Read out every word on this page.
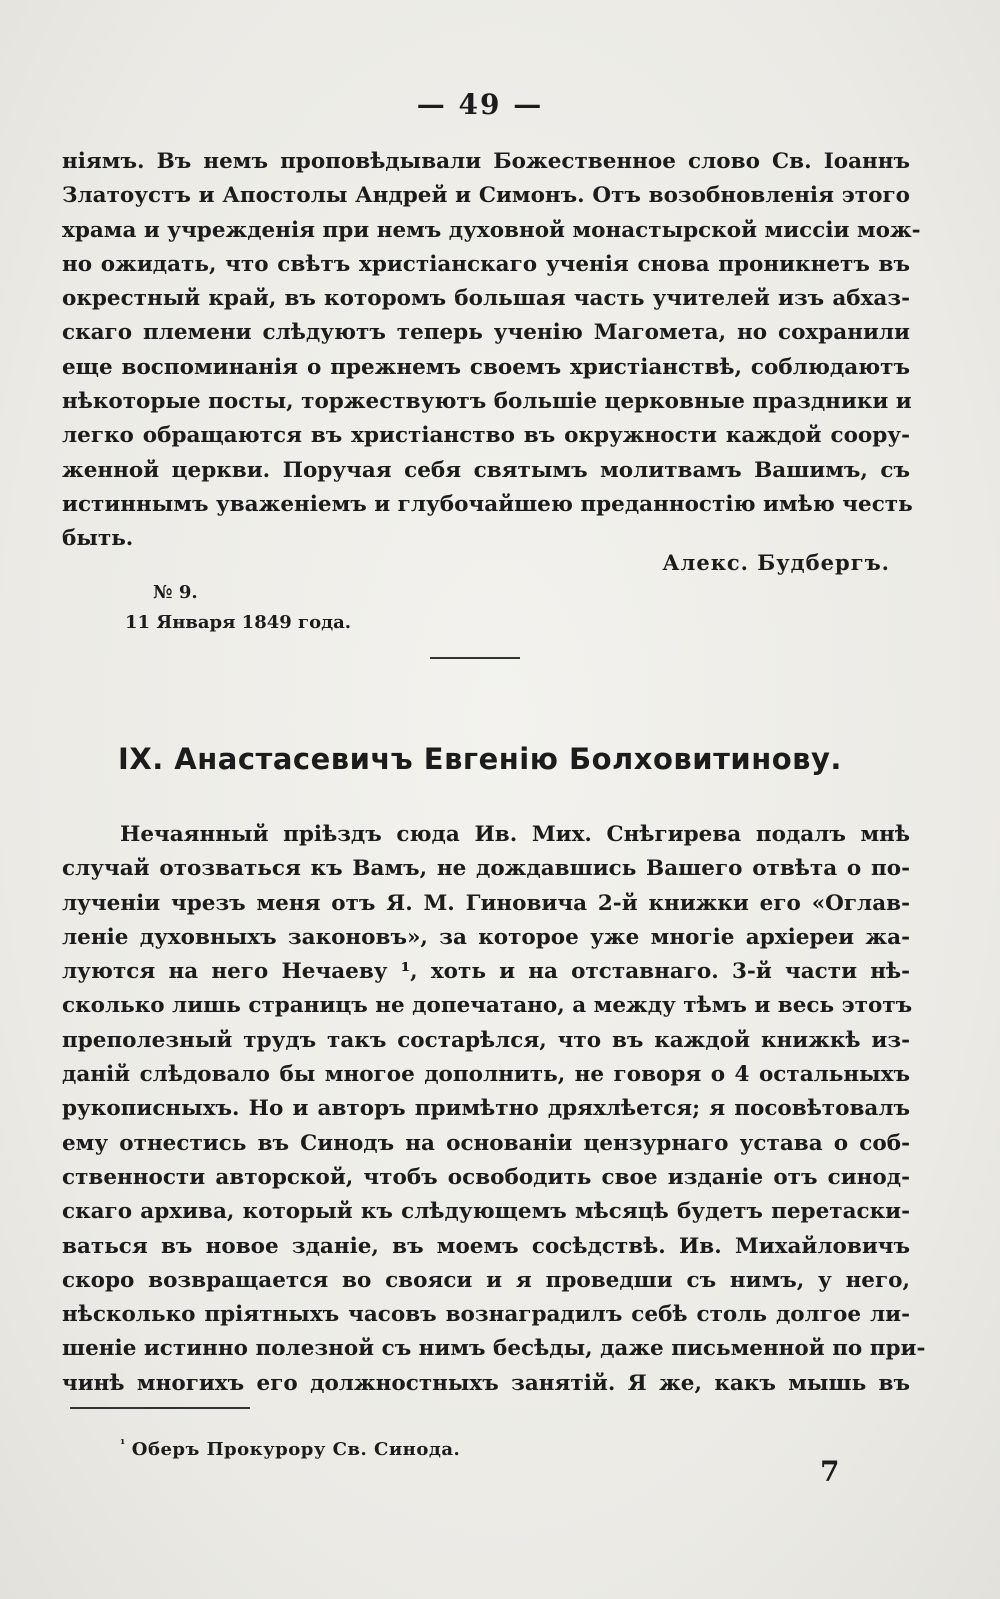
— 49 —
ніямъ. Въ немъ проповѣдывали Божественное слово Св. Іоаннъ
Златоустъ и Апостолы Андрей и Симонъ. Отъ возобновленія этого
храма и учрежденія при немъ духовной монастырской миссіи мож-
но ожидать, что свѣтъ христіанскаго ученія снова проникнетъ въ
окрестный край, въ которомъ большая часть учителей изъ абхаз-
скаго племени слѣдуютъ теперь ученію Магомета, но сохранили
еще воспоминанія о прежнемъ своемъ христіанствѣ, соблюдаютъ
нѣкоторые посты, торжествуютъ большіе церковные праздники и
легко обращаются въ христіанство въ окружности каждой соору-
женной церкви. Поручая себя святымъ молитвамъ Вашимъ, съ
истиннымъ уваженіемъ и глубочайшею преданностію имѣю честь
быть.
Алекс. Будбергъ.
№ 9.
11 Января 1849 года.
IX. Анастасевичъ Евгенію Болховитинову.
Нечаянный пріѣздъ сюда Ив. Мих. Снѣгирева подалъ мнѣ
случай отозваться къ Вамъ, не дождавшись Вашего отвѣта о по-
лученіи чрезъ меня отъ Я. М. Гиновича 2-й книжки его «Оглав-
леніе духовныхъ законовъ», за которое уже многіе архіереи жа-
луются на него Нечаеву ¹, хоть и на отставнаго. 3-й части нѣ-
сколько лишь страницъ не допечатано, а между тѣмъ и весь этотъ
преполезный трудъ такъ состарѣлся, что въ каждой книжкѣ из-
даній слѣдовало бы многое дополнить, не говоря о 4 остальныхъ
рукописныхъ. Но и авторъ примѣтно дряхлѣется; я посовѣтовалъ
ему отнестись въ Синодъ на основаніи цензурнаго устава о соб-
ственности авторской, чтобъ освободить свое изданіе отъ синод-
скаго архива, который къ слѣдующемъ мѣсяцѣ будетъ перетаски-
ваться въ новое зданіе, въ моемъ сосѣдствѣ. Ив. Михайловичъ
скоро возвращается во свояси и я проведши съ нимъ, у него,
нѣсколько пріятныхъ часовъ вознаградилъ себѣ столь долгое ли-
шеніе истинно полезной съ нимъ бесѣды, даже письменной по при-
чинѣ многихъ его должностныхъ занятій. Я же, какъ мышь въ
$^{^1}$ Оберъ Прокурору Св. Синода.
7
